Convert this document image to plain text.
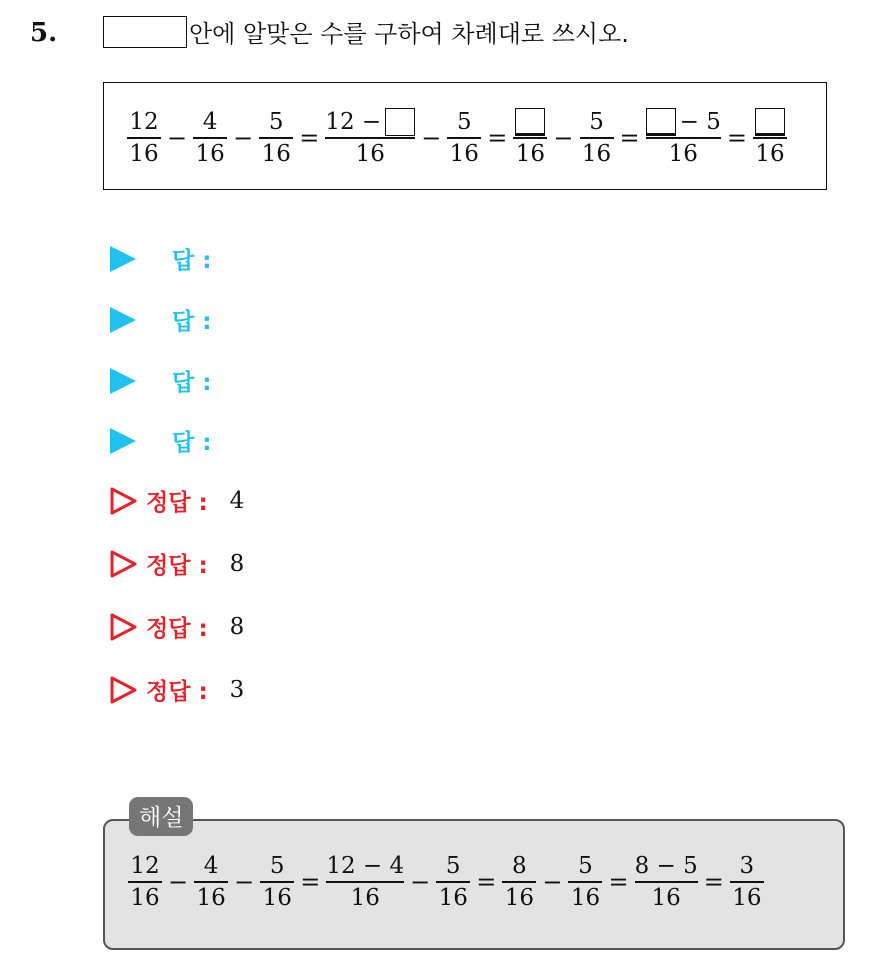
5.	안에 알맞은 수를 구하여 차례대로 쓰시오.
$\frac{12}{16} - \frac{4}{16} - \frac{5}{16} = \frac{12 -}{16} - \frac{5}{16}$ =
16
− $\frac{5}{16} = \frac{- 5}{16}$ =
16
답 :
답 :
답 :
답 :
정답 : 4
정답 : 8
정답 : 8
정답 : 3
$\frac{12}{16} - \frac{4}{16} - \frac{5}{16} = \frac{12 - 4}{16} - \frac{5}{16} = \frac{8}{16} - \frac{5}{16} = \frac{8 - 5}{16} = \frac{3}{16}$
해설
